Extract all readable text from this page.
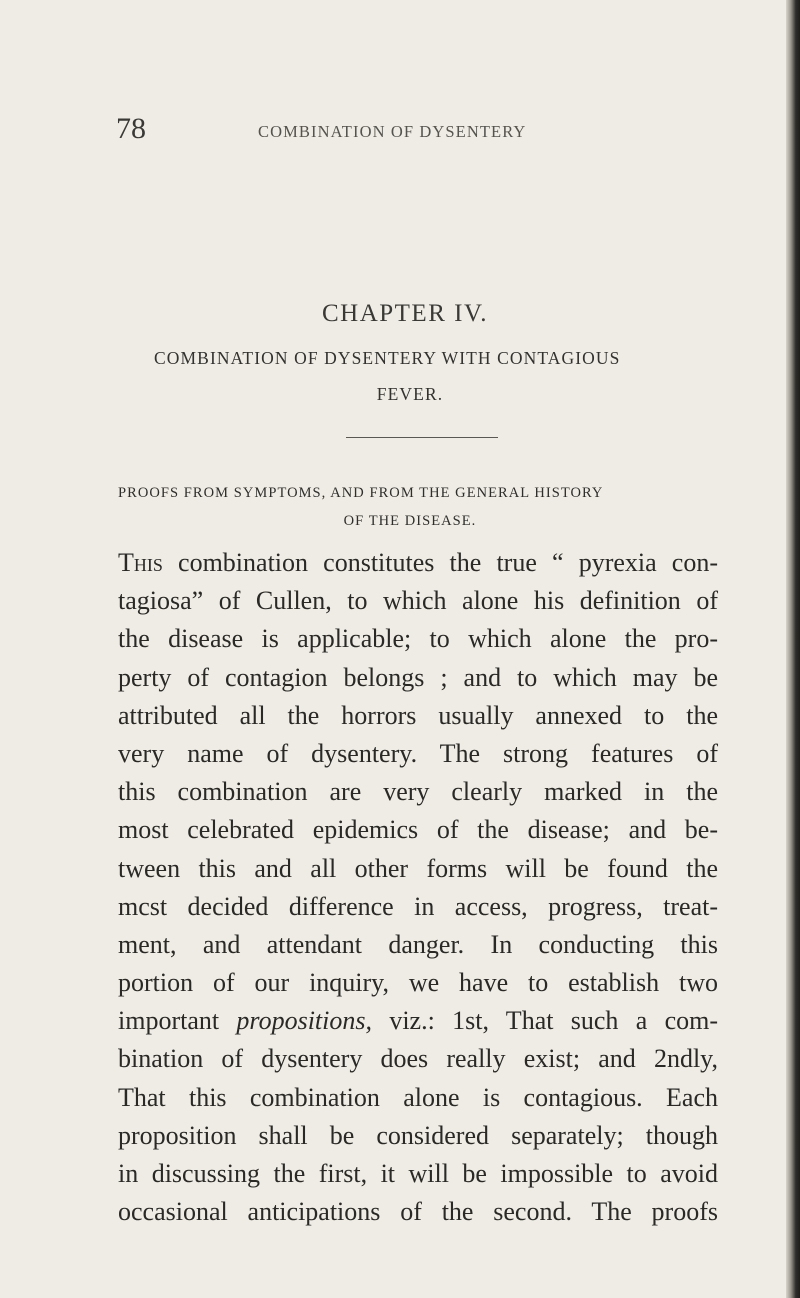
78	COMBINATION OF DYSENTERY
CHAPTER IV.
COMBINATION OF DYSENTERY WITH CONTAGIOUS
FEVER.
PROOFS FROM SYMPTOMS, AND FROM THE GENERAL HISTORY
OF THE DISEASE.
This combination constitutes the true “ pyrexia con-
tagiosa” of Cullen, to which alone his definition of
the disease is applicable; to which alone the pro-
perty of contagion belongs ; and to which may be
attributed all the horrors usually annexed to the
very name of dysentery. The strong features of
this combination are very clearly marked in the
most celebrated epidemics of the disease; and be-
tween this and all other forms will be found the
mcst decided difference in access, progress, treat-
ment, and attendant danger. In conducting this
portion of our inquiry, we have to establish two
important propositions, viz.: 1st, That such a com-
bination of dysentery does really exist; and 2ndly,
That this combination alone is contagious. Each
proposition shall be considered separately; though
in discussing the first, it will be impossible to avoid
occasional anticipations of the second. The proofs
